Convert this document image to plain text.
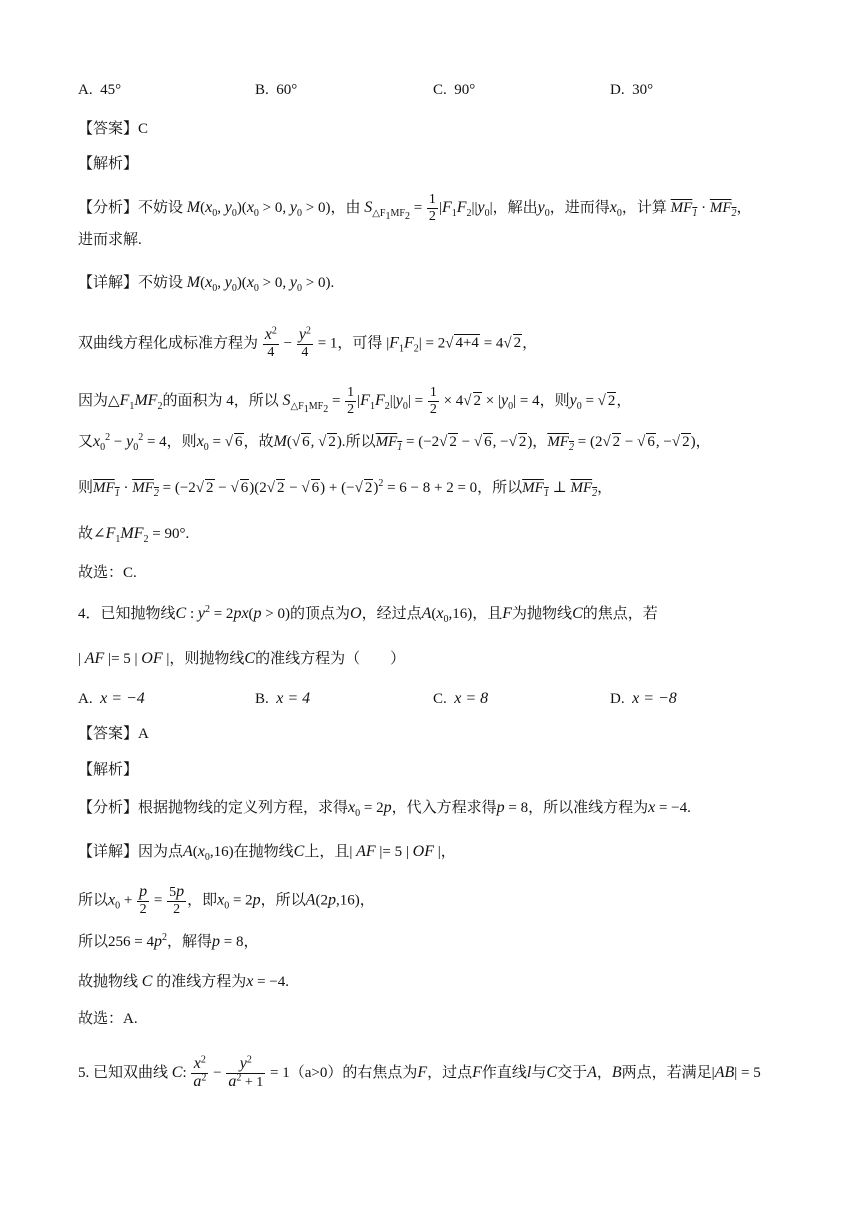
A. 45°	B. 60°	C. 90°	D. 30°
【答案】C
【解析】
【分析】不妨设 $M(x_0$, $y_0)(x_0 > 0$, $y_0 > 0$)，由 $S_{\triangle F_1MF_2} = \frac{1}{2} |F_1F_2||y_0|$，解出$y_0$，进而得$x_0$，计算 $MF_1 \cdot MF_2$，
进而求解.
【详解】不妨设 $M(x_0$, $y_0)(x_0 > 0$, $y_0 > 0$).
双曲线方程化成标准方程为 $\frac{x^2}{4} - \frac{y^2}{4} = 1$，可得 $|F_1F_2| = 2√$ 4+4 = 4√ 2，
因为$\triangle F_1MF_2$的面积为 4，所以 $S_{\triangle F_1MF_2} = \frac{1}{2} |F_1F_2||y_0| = \frac{1}{2} \times 4√$ $2 \times |y_0| = 4$，则$y_0$ = √ 2，
又$x_0^2 - y_0^2 = 4$，则$x_0$ = √ 6，故M(√ 6, √ 2).所以$MF_1 = (-2√$ 2 − √ 6, −√ 2)，$MF_2 = (2√$ 2 − √ 6, −√ 2)，
则$MF_1 \cdot MF_2 = (-2√$ 2 − √ 6)(2√ 2 − √ 6) + (−√ 2)$^2$ = 6 − 8 + 2 = 0，所以$MF_1$ ⊥ $MF_2$，
故$\angle F_1MF_2 = 90^\circ$.
故选：C.
4．已知抛物线C : $y^2 = 2px(p > 0)$的顶点为O，经过点$A(x_0,16)$，且F为抛物线C的焦点，若
| AF |= 5 | OF |，则抛物线C的准线方程为（　　）
A. x = −4	B. x = 4	C. x = 8	D. x = −8
【答案】A
【解析】
【分析】根据抛物线的定义列方程，求得$x_0 = 2p$，代入方程求得p = 8，所以准线方程为x = −4.
【详解】因为点$A(x_0,16)$在抛物线C上，且| AF |= 5 | OF |，
所以$x_0 + \frac{p}{2} = \frac{5p}{2}$ ，即$x_0 = 2p$，所以A(2p,16)，
所以$256 = 4p^2$，解得p = 8，
故抛物线 C 的准线方程为x = −4.
故选：A.
5. 已知双曲线 C: $\frac{x^2}{a^2} - \frac{y^2}{a^2 + 1} = 1(a>0)$的右焦点为F，过点F作直线l与C交于A，B两点，若满足|AB| = 5
